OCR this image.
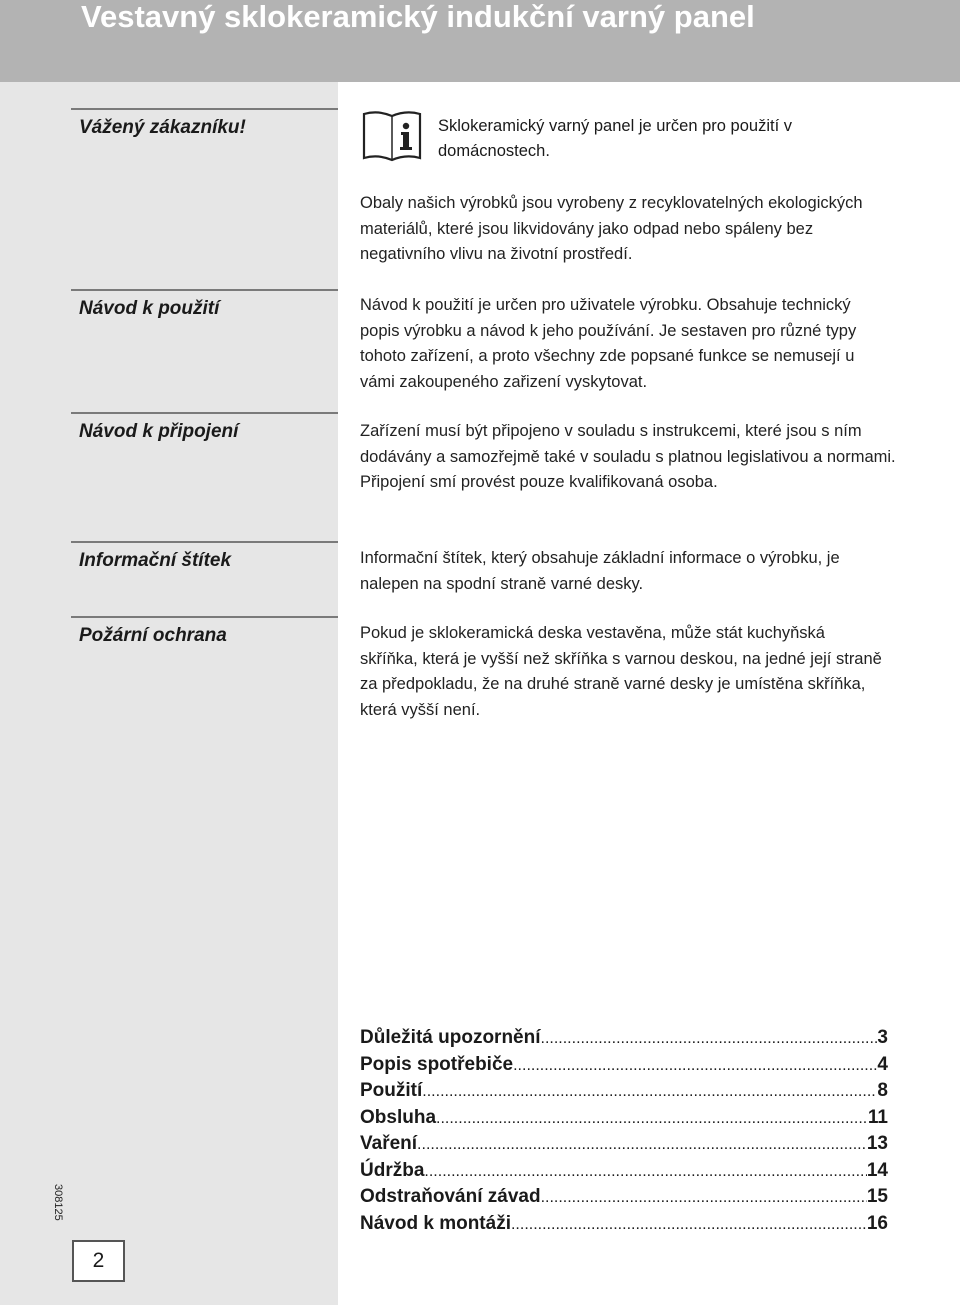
Vestavný sklokeramický indukční varný panel
Vážený zákazníku!
Návod k použití
Návod k připojení
Informační štítek
Požární ochrana
Sklokeramický varný panel je určen pro použití v domácnostech.
Obaly našich výrobků jsou vyrobeny z recyklovatelných ekologických materiálů, které jsou likvidovány jako odpad nebo spáleny bez negativního vlivu na životní prostředí.
Návod k použití je určen pro uživatele výrobku. Obsahuje technický popis výrobku a návod k jeho používání. Je sestaven pro různé typy tohoto zařízení, a proto všechny zde popsané funkce se nemusejí u vámi zakoupeného zařizení vyskytovat.
Zařízení musí být připojeno v souladu s instrukcemi, které jsou s ním dodávány a samozřejmě také v souladu s platnou legislativou a normami. Připojení smí provést pouze kvalifikovaná osoba.
Informační štítek, který obsahuje základní informace o výrobku, je nalepen na spodní straně varné desky.
Pokud je sklokeramická deska vestavěna, může stát kuchyňská skříňka, která je vyšší než skříňka s varnou deskou, na jedné její straně za předpokladu, že na druhé straně varné desky je umístěna skříňka, která vyšší není.
Důležitá upozornění .....	3
Popis spotřebiče .....	4
Použití .....	8
Obsluha .....	11
Vaření .....	13
Údržba .....	14
Odstraňování závad .....	15
Návod k montáži .....	16
308125
2
